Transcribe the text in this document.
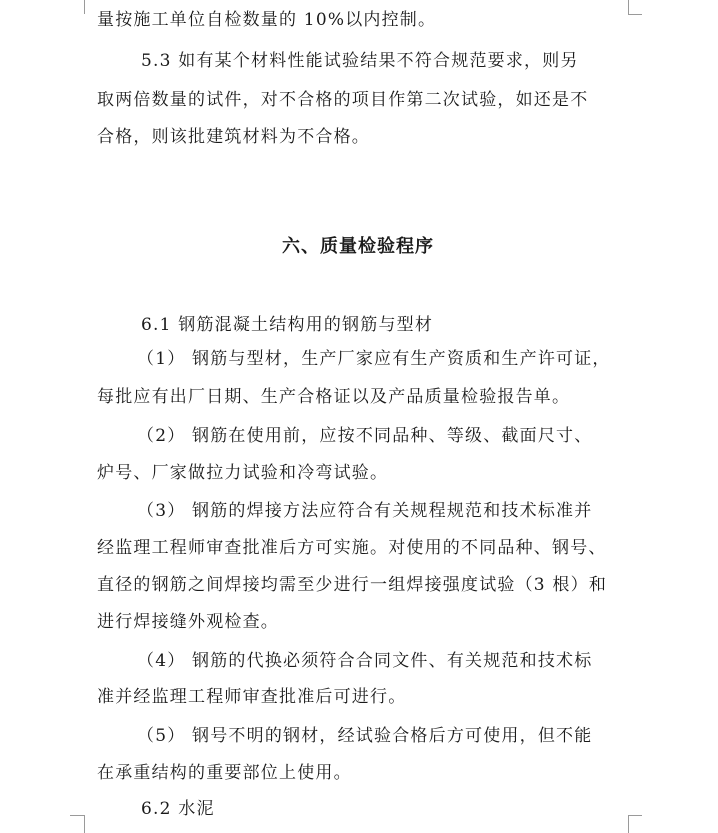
量按施工单位自检数量的 10%以内控制。
5.3 如有某个材料性能试验结果不符合规范要求，则另
取两倍数量的试件，对不合格的项目作第二次试验，如还是不
合格，则该批建筑材料为不合格。
六、质量检验程序
6.1 钢筋混凝土结构用的钢筋与型材
（1） 钢筋与型材，生产厂家应有生产资质和生产许可证，
每批应有出厂日期、生产合格证以及产品质量检验报告单。
（2） 钢筋在使用前，应按不同品种、等级、截面尺寸、
炉号、厂家做拉力试验和冷弯试验。
（3） 钢筋的焊接方法应符合有关规程规范和技术标准并
经监理工程师审查批准后方可实施。对使用的不同品种、钢号、
直径的钢筋之间焊接均需至少进行一组焊接强度试验（3 根）和
进行焊接缝外观检查。
（4） 钢筋的代换必须符合合同文件、有关规范和技术标
准并经监理工程师审查批准后可进行。
（5） 钢号不明的钢材，经试验合格后方可使用，但不能
在承重结构的重要部位上使用。
6.2 水泥
